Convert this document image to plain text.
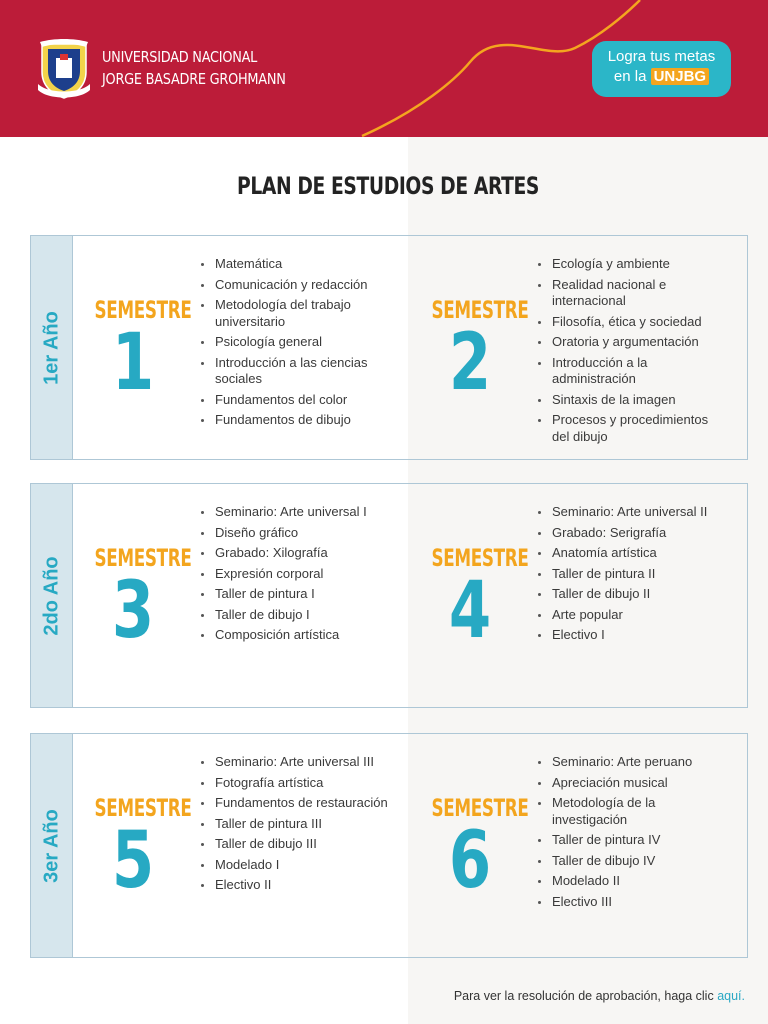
UNIVERSIDAD NACIONAL
JORGE BASADRE GROHMANN
Logra tus metas
en la UNJBG
PLAN DE ESTUDIOS DE ARTES
1er Año
SEMESTRE
1
Matemática
Comunicación y redacción
Metodología del trabajo universitario
Psicología general
Introducción a las ciencias sociales
Fundamentos del color
Fundamentos de dibujo
SEMESTRE
2
Ecología y ambiente
Realidad nacional e internacional
Filosofía, ética y sociedad
Oratoria y argumentación
Introducción a la administración
Sintaxis de la imagen
Procesos y procedimientos del dibujo
2do Año SEMESTRE
3
Seminario: Arte universal I
Diseño gráfico
Grabado: Xilografía
Expresión corporal
Taller de pintura I
Taller de dibujo I
Composición artística
SEMESTRE
4
Seminario: Arte universal II
Grabado: Serigrafía
Anatomía artística
Taller de pintura II
Taller de dibujo II
Arte popular
Electivo I
3er Año
SEMESTRE
5
Seminario: Arte universal III
Fotografía artística
Fundamentos de restauración
Taller de pintura III
Taller de dibujo III
Modelado I
Electivo II
SEMESTRE
6
Seminario: Arte peruano
Apreciación musical
Metodología de la investigación
Taller de pintura IV
Taller de dibujo IV
Modelado II
Electivo III
Para ver la resolución de aprobación, haga clic aquí.
